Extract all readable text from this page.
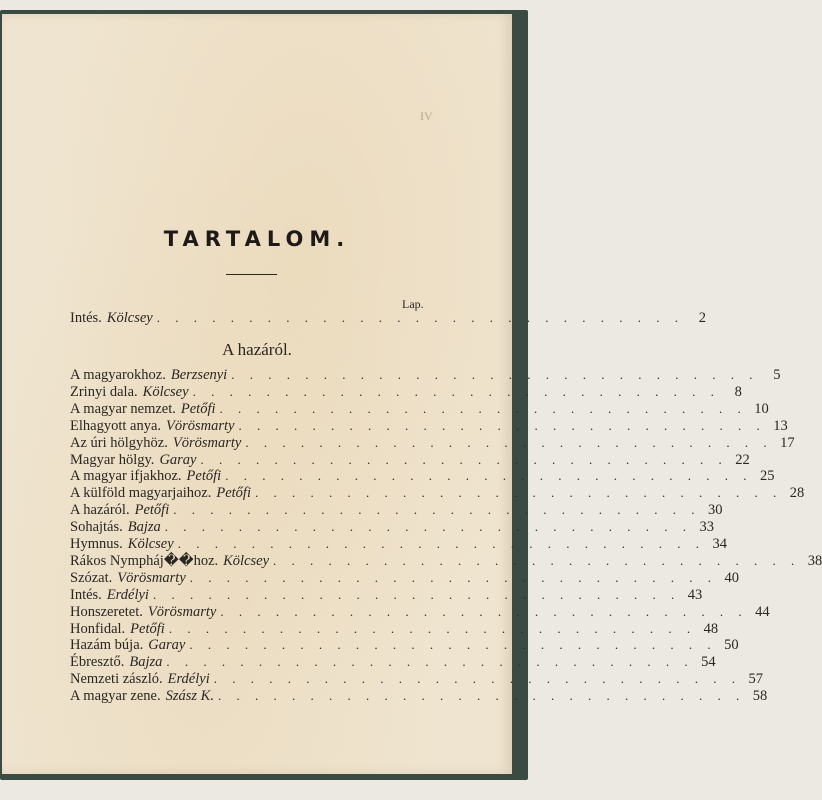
IV
TARTALOM.
Lap.
Intés. Kölcsey . . . . . . . . . . . . . . . . . . . . . . . . . . . . .	2
A hazáról.
A magyarokhoz. Berzsenyi . . . . . . . . . . . . . . . . . . . . . . . . . . . . .	5
Zrinyi dala. Kölcsey . . . . . . . . . . . . . . . . . . . . . . . . . . . . .	8
A magyar nemzet. Petőfi . . . . . . . . . . . . . . . . . . . . . . . . . . . . . 10
Elhagyott anya. Vörösmarty . . . . . . . . . . . . . . . . . . . . . . . . . . . . . 13
Az úri hölgyhöz. Vörösmarty . . . . . . . . . . . . . . . . . . . . . . . . . . . . . 17
Magyar hölgy. Garay . . . . . . . . . . . . . . . . . . . . . . . . . . . . . 22
A magyar ifjakhoz. Petőfi . . . . . . . . . . . . . . . . . . . . . . . . . . . . . 25
A külföld magyarjaihoz. Petőfi . . . . . . . . . . . . . . . . . . . . . . . . . . . . . 28
A hazáról. Petőfi . . . . . . . . . . . . . . . . . . . . . . . . . . . . . 30
Sohajtás. Bajza . . . . . . . . . . . . . . . . . . . . . . . . . . . . . 33
Hymnus. Kölcsey . . . . . . . . . . . . . . . . . . . . . . . . . . . . . 34
Rákos Nympháj��hoz. Kölcsey . . . . . . . . . . . . . . . . . . . . . . . . . . . . . 38
Szózat. Vörösmarty . . . . . . . . . . . . . . . . . . . . . . . . . . . . . 40
Intés. Erdélyi . . . . . . . . . . . . . . . . . . . . . . . . . . . . . 43
Honszeretet. Vörösmarty . . . . . . . . . . . . . . . . . . . . . . . . . . . . . 44
Honfidal. Petőfi . . . . . . . . . . . . . . . . . . . . . . . . . . . . . 48
Hazám búja. Garay . . . . . . . . . . . . . . . . . . . . . . . . . . . . . 50
Ébresztő. Bajza . . . . . . . . . . . . . . . . . . . . . . . . . . . . . 54
Nemzeti zászló. Erdélyi . . . . . . . . . . . . . . . . . . . . . . . . . . . . . 57
A magyar zene. Szász K. . . . . . . . . . . . . . . . . . . . . . . . . . . . . . 58
